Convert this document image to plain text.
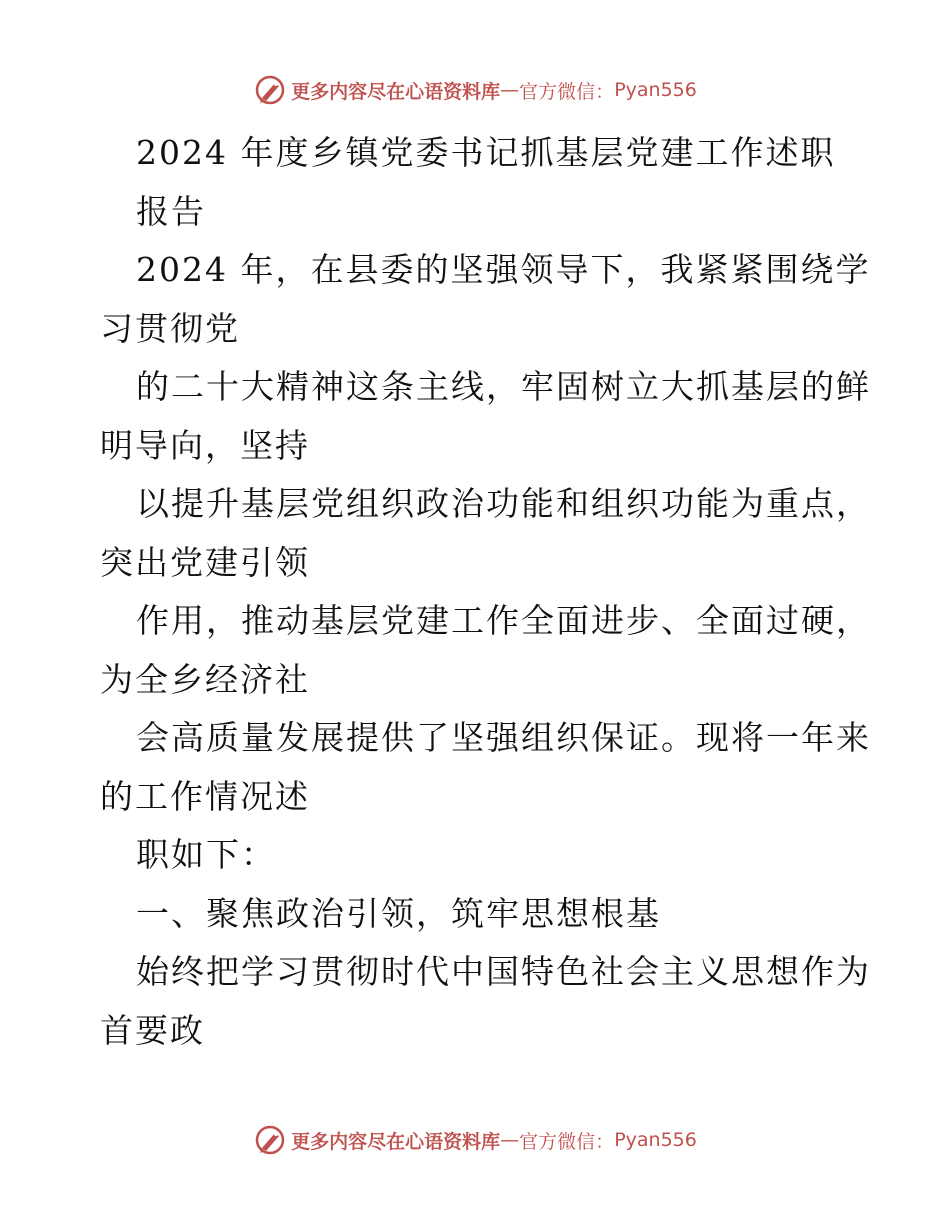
更多内容尽在心语资料库 — 官方微信： Pyan556
2024 年度乡镇党委书记抓基层党建工作述职
报告
2024 年，在县委的坚强领导下，我紧紧围绕学
习贯彻党
的二十大精神这条主线，牢固树立大抓基层的鲜
明导向，坚持
以提升基层党组织政治功能和组织功能为重点，
突出党建引领
作用，推动基层党建工作全面进步、全面过硬，
为全乡经济社
会高质量发展提供了坚强组织保证。现将一年来
的工作情况述
职如下：
一、聚焦政治引领，筑牢思想根基
始终把学习贯彻时代中国特色社会主义思想作为
首要政
更多内容尽在心语资料库 — 官方微信： Pyan556
